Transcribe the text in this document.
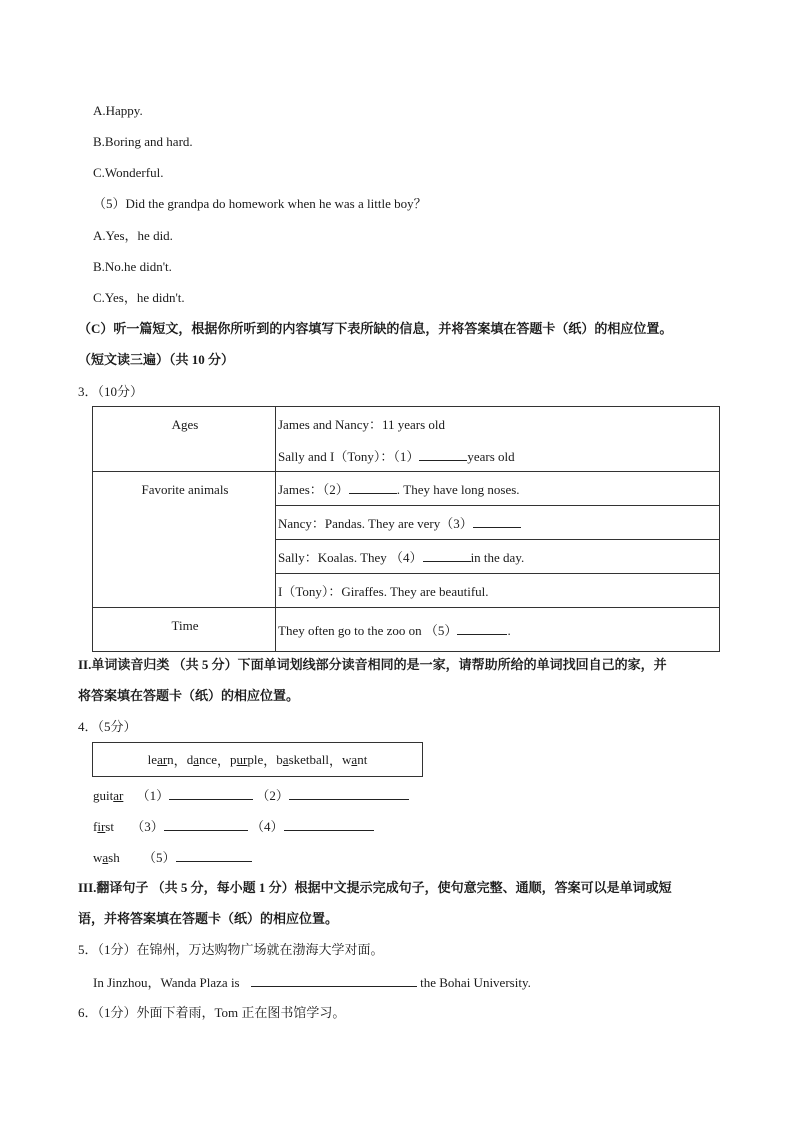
A.Happy.
B.Boring and hard.
C.Wonderful.
（5）Did the grandpa do homework when he was a little boy？
A.Yes，he did.
B.No.he didn't.
C.Yes，he didn't.
（C）听一篇短文，根据你所听到的内容填写下表所缺的信息，并将答案填在答题卡（纸）的相应位置。
（短文读三遍）（共 10 分）
3．（10分）
Ages	James and Nancy：11 years old
	Sally and I（Tony）：（1） years old
Favorite animals	James：（2） . They have long noses.
	Nancy：Pandas. They are very（3）
	Sally：Koalas. They （4） in the day.
	I（Tony）：Giraffes. They are beautiful.
Time	They often go to the zoo on （5） .
II.单词读音归类 （共 5 分）下面单词划线部分读音相同的是一家，请帮助所给的单词找回自己的家，并
将答案填在答题卡（纸）的相应位置。
4．（5分）
learn ， dance ， purple ， basketball ， want
guitar （1）	（2）
first （3）	（4）
wash （5）
III.翻译句子 （共 5 分，每小题 1 分）根据中文提示完成句子，使句意完整、通顺，答案可以是单词或短
语，并将答案填在答题卡（纸）的相应位置。
5．（1分）在锦州，万达购物广场就在渤海大学对面。
In Jinzhou，Wanda Plaza is	the Bohai University.
6．（1分）外面下着雨，Tom 正在图书馆学习。
